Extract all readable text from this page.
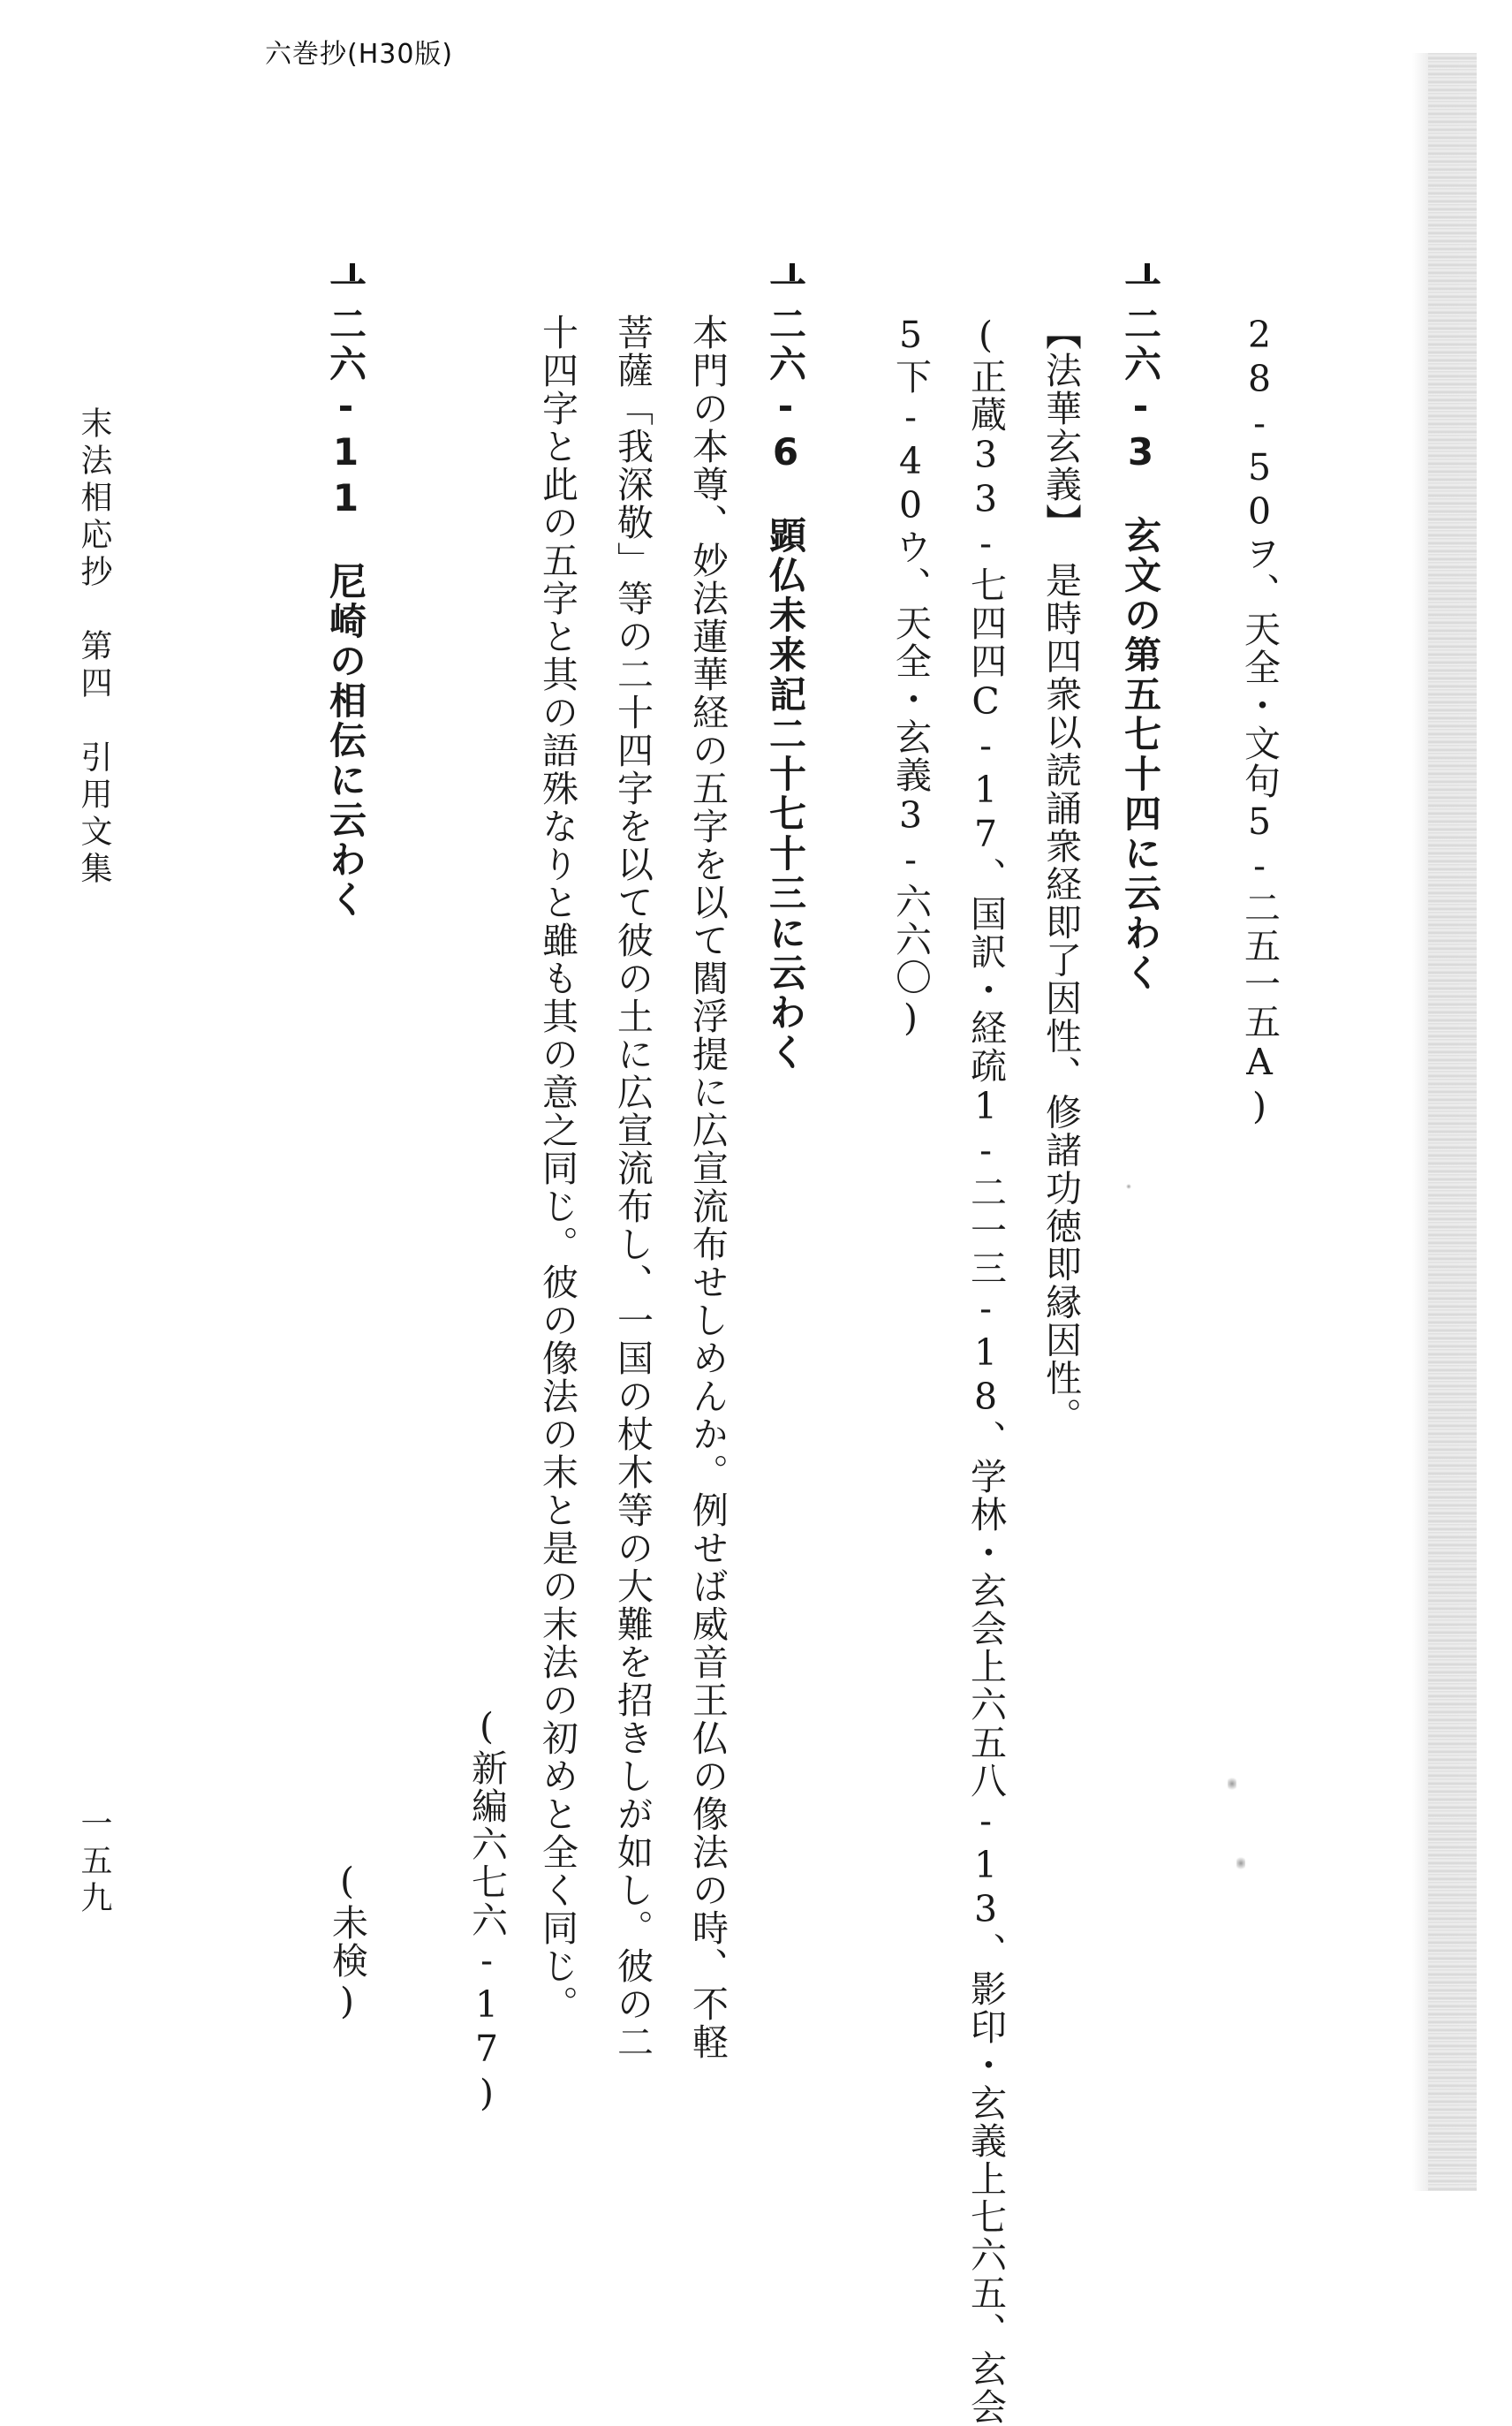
六巻抄(H30版)
28-50ヲ、天全・文句5-二五一五A)
一二六-3　玄文の第五七十四に云わく
【法華玄義】　是時四衆以読誦衆経即了因性、修諸功徳即縁因性。
(正蔵33-七四四C-17、国訳・経疏1-二一三-18、学林・玄会上六五八-13、影印・玄義上七六五、玄会
5下-40ウ、天全・玄義3-六六〇)
一二六-6　顕仏未来記二十七十三に云わく
本門の本尊、妙法蓮華経の五字を以て閻浮提に広宣流布せしめんか。例せば威音王仏の像法の時、不軽
菩薩「我深敬」等の二十四字を以て彼の土に広宣流布し、一国の杖木等の大難を招きしが如し。彼の二
十四字と此の五字と其の語殊なりと雖も其の意之同じ。彼の像法の末と是の末法の初めと全く同じ。
(新編六七六-17)
一二六-11　尼崎の相伝に云わく
(未検)
末法相応抄　第四　引用文集
一五九
